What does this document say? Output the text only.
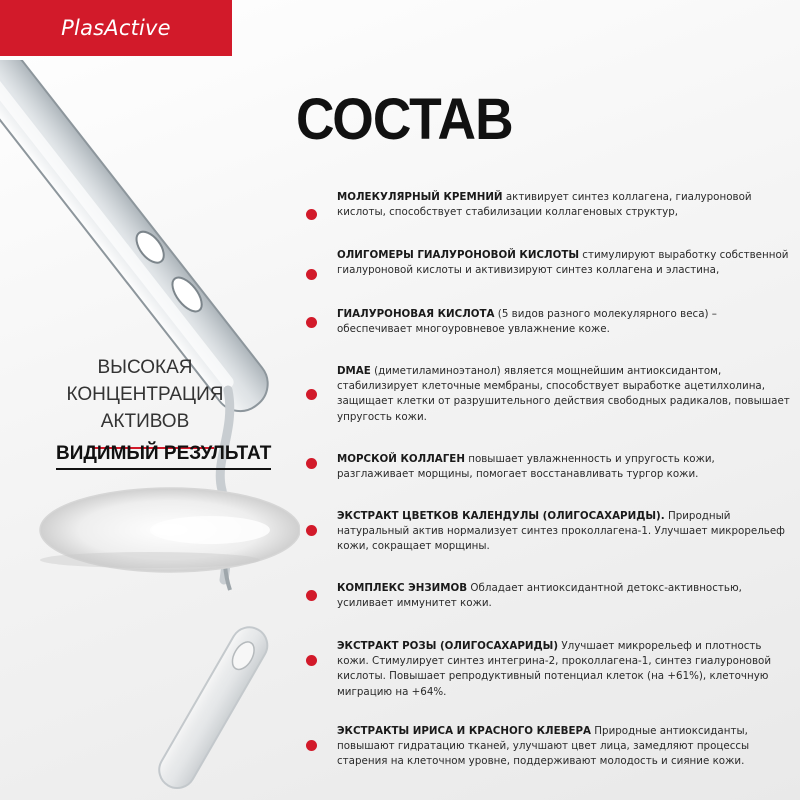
PlasActive
СОСТАВ

ВЫСОКАЯ КОНЦЕНТРАЦИЯ

АКТИВОВ

ВИДИМЫЙ РЕЗУЛЬТАТ

МОЛЕКУЛЯРНЫЙ КРЕМНИЙ активирует синтез коллагена, гиалуроновой кислоты, способствует стабилизации коллагеновых структур,
ОЛИГОМЕРЫ ГИАЛУРОНОВОЙ КИСЛОТЫ стимулируют выработку собственной гиалуроновой кислоты и активизируют синтез коллагена и эластина,
ГИАЛУРОНОВАЯ КИСЛОТА (5 видов разного молекулярного веса) – обеспечивает многоуровневое увлажнение коже.
DMAE (диметиламиноэтанол) является мощнейшим антиоксидантом, стабилизирует клеточные мембраны, способствует выработке ацетилхолина, защищает клетки от разрушительного действия свободных радикалов, повышает упругость кожи.
МОРСКОЙ КОЛЛАГЕН повышает увлажненность и упругость кожи, разглаживает морщины, помогает восстанавливать тургор кожи.
ЭКСТРАКТ ЦВЕТКОВ КАЛЕНДУЛЫ (ОЛИГОСАХАРИДЫ). Природный натуральный актив нормализует синтез проколлагена-1. Улучшает микрорельеф кожи, сокращает морщины.
КОМПЛЕКС ЭНЗИМОВ Обладает антиоксидантной детокс-активностью, усиливает иммунитет кожи.
ЭКСТРАКТ РОЗЫ (ОЛИГОСАХАРИДЫ) Улучшает микрорельеф и плотность кожи. Стимулирует синтез интегрина-2, проколлагена-1, синтез гиалуроновой кислоты. Повышает репродуктивный потенциал клеток (на +61%), клеточную миграцию на +64%.
ЭКСТРАКТЫ ИРИСА И КРАСНОГО КЛЕВЕРА Природные антиоксиданты, повышают гидратацию тканей, улучшают цвет лица, замедляют процессы старения на клеточном уровне, поддерживают молодость и сияние кожи.
